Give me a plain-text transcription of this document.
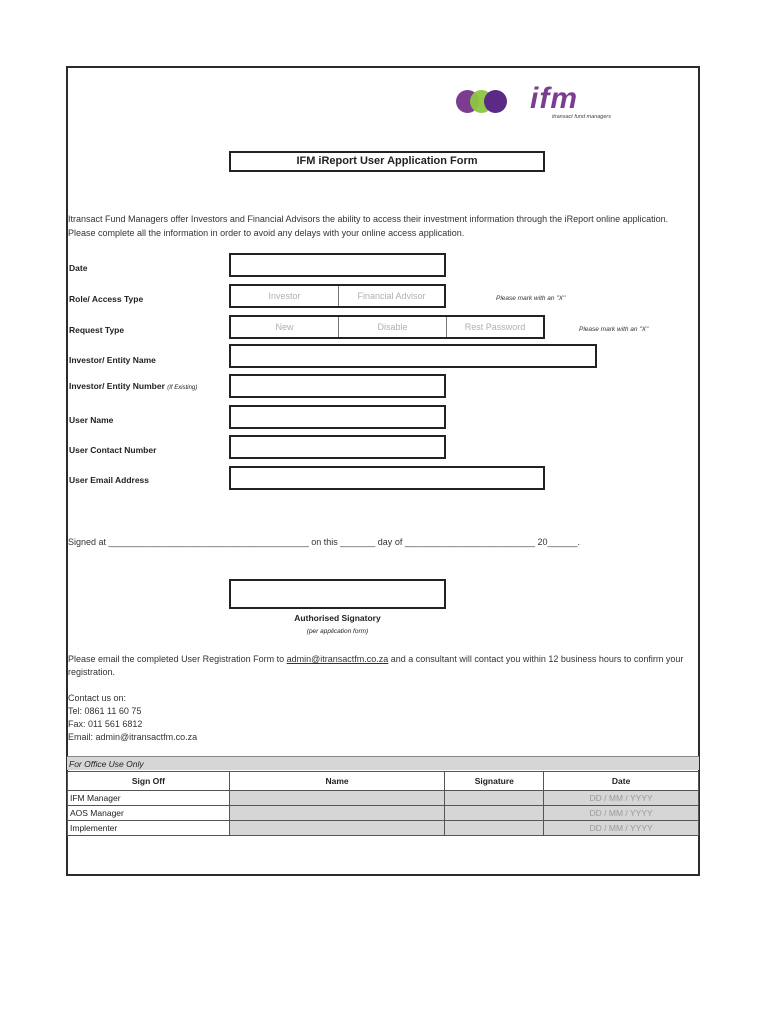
ifm
itransact fund managers
IFM iReport User Application Form
Itransact Fund Managers offer Investors and Financial Advisors the ability to access their investment information through the iReport online application. Please complete all the information in order to avoid any delays with your online access application.
Date
Role/ Access Type	Investor	Financial Advisor	Please mark with an "X"
Request Type	New	Disable	Rest Password	Please mark with an "X"
Investor/ Entity Name
Investor/ Entity Number (If Existing)
User Name
User Contact Number
User Email Address
Signed at ________________________________________ on this _______ day of __________________________ 20______.
Authorised Signatory
(per application form)
Please email the completed User Registration Form to admin@itransactfm.co.za and a consultant will contact you within 12 business hours to confirm your registration.
Contact us on:
Tel: 0861 11 60 75
Fax: 011 561 6812
Email: admin@itransactfm.co.za
For Office Use Only
Sign Off	Name	Signature	Date
IFM Manager			DD / MM / YYYY
AOS Manager			DD / MM / YYYY
Implementer			DD / MM / YYYY
